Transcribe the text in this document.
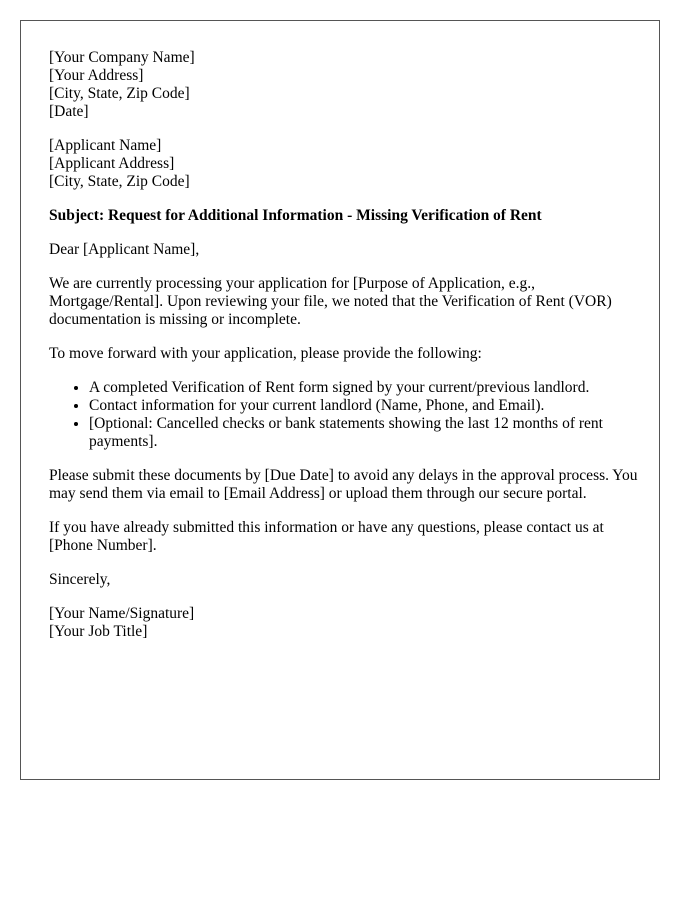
[Your Company Name]
[Your Address]
[City, State, Zip Code]
[Date]
[Applicant Name]
[Applicant Address]
[City, State, Zip Code]

Subject: Request for Additional Information - Missing Verification of Rent

Dear [Applicant Name],

We are currently processing your application for [Purpose of Application, e.g., Mortgage/Rental]. Upon reviewing your file, we noted that the Verification of Rent (VOR) documentation is missing or incomplete.

To move forward with your application, please provide the following:

• A completed Verification of Rent form signed by your current/previous landlord.
• Contact information for your current landlord (Name, Phone, and Email).
• [Optional: Cancelled checks or bank statements showing the last 12 months of rent payments].

Please submit these documents by [Due Date] to avoid any delays in the approval process. You may send them via email to [Email Address] or upload them through our secure portal.

If you have already submitted this information or have any questions, please contact us at [Phone Number].

Sincerely,

[Your Name/Signature]
[Your Job Title]
